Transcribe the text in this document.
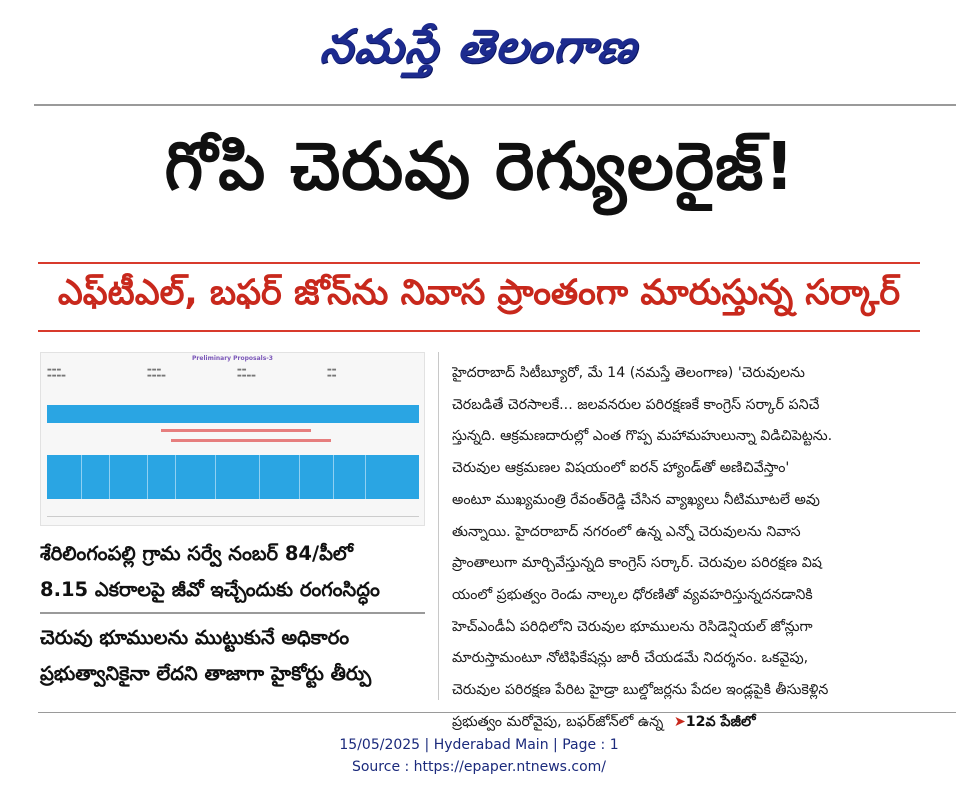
నమస్తే తెలంగాణ
గోపి చెరువు రెగ్యులరైజ్‌!
ఎఫ్‌టీఎల్‌, బఫర్‌ జోన్‌ను నివాస ప్రాంతంగా మారుస్తున్న సర్కార్‌
Preliminary Proposals-3
▬▬▬
▬▬▬▬
▬▬▬
▬▬▬▬
▬▬
▬▬▬▬
▬▬
▬▬
శేరిలింగంపల్లి గ్రామ సర్వే నంబర్‌ 84/పీలో
8.15 ఎకరాలపై జీవో ఇచ్చేందుకు రంగంసిద్ధం
చెరువు భూములను ముట్టుకునే అధికారం
ప్రభుత్వానికైనా లేదని తాజాగా హైకోర్టు తీర్పు
హైదరాబాద్‌ సిటీబ్యూరో, మే 14 (నమస్తే తెలంగాణ) 'చెరువులను
చెరబడితే చెరసాలకే... జలవనరుల పరిరక్షణకే కాంగ్రెస్‌ సర్కార్‌ పనిచే
స్తున్నది. ఆక్రమణదారుల్లో ఎంత గొప్ప మహామహులున్నా విడిచిపెట్టను.
చెరువుల ఆక్రమణల విషయంలో ఐరన్‌ హ్యాండ్‌తో అణిచివేస్తాం'
అంటూ ముఖ్యమంత్రి రేవంత్‌రెడ్డి చేసిన వ్యాఖ్యలు నీటిమూటలే అవు
తున్నాయి. హైదరాబాద్‌ నగరంలో ఉన్న ఎన్నో చెరువులను నివాస
ప్రాంతాలుగా మార్చివేస్తున్నది కాంగ్రెస్‌ సర్కార్‌. చెరువుల పరిరక్షణ విష
యంలో ప్రభుత్వం రెండు నాల్కల ధోరణితో వ్యవహరిస్తున్నదనడానికి
హెచ్‌ఎండీఏ పరిధిలోని చెరువుల భూములను రెసిడెన్షియల్‌ జోన్లుగా
మారుస్తామంటూ నోటిఫికేషన్లు జారీ చేయడమే నిదర్శనం. ఒకవైపు,
చెరువుల పరిరక్షణ పేరిట హైడ్రా బుల్డోజర్లను పేదల ఇండ్లపైకి తీసుకెళ్లిన
ప్రభుత్వం మరోవైపు, బఫర్‌జోన్‌లో ఉన్న ➤12వ పేజీలో
15/05/2025 | Hyderabad Main | Page : 1
Source : https://epaper.ntnews.com/
